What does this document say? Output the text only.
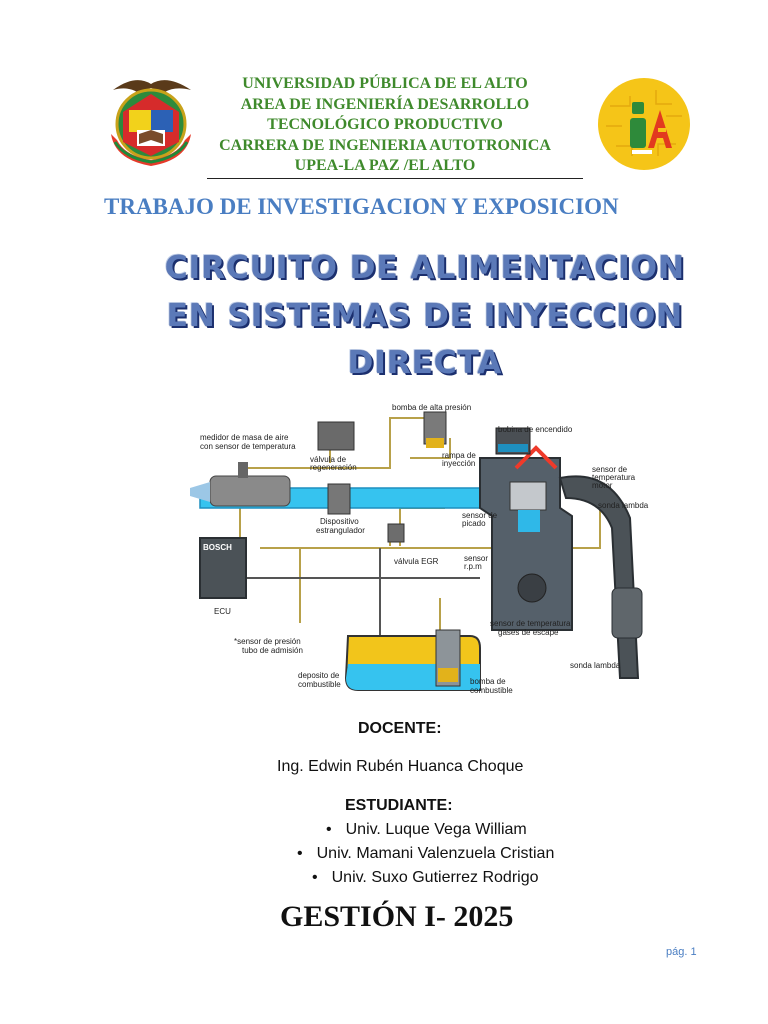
UNIVERSIDAD PÚBLICA DE EL ALTO
AREA DE INGENIERÍA DESARROLLO
TECNOLÓGICO PRODUCTIVO
CARRERA DE INGENIERIA AUTOTRONICA
UPEA-LA PAZ /EL ALTO
TRABAJO DE INVESTIGACION Y EXPOSICION
CIRCUITO DE ALIMENTACION
EN SISTEMAS DE INYECCION
DIRECTA
bomba de alta presión
medidor de masa de aire
con sensor de temperatura
válvula de
regeneración
rampa de
inyección
bobina de encendido
sensor de
temperatura
motor
sonda lambda
Dispositivo
estrangulador
sensor de
picado
válvula EGR	sensor
r.p.m
ECU
BOSCH
*sensor de presión
tubo de admisión
sensor de temperatura
gases de escape
sonda lambda
deposito de
combustible	bomba de
combustible
DOCENTE:
Ing. Edwin Rubén Huanca Choque
ESTUDIANTE:
• Univ. Luque Vega William
• Univ. Mamani Valenzuela Cristian
• Univ. Suxo Gutierrez Rodrigo
GESTIÓN I- 2025
pág. 1
